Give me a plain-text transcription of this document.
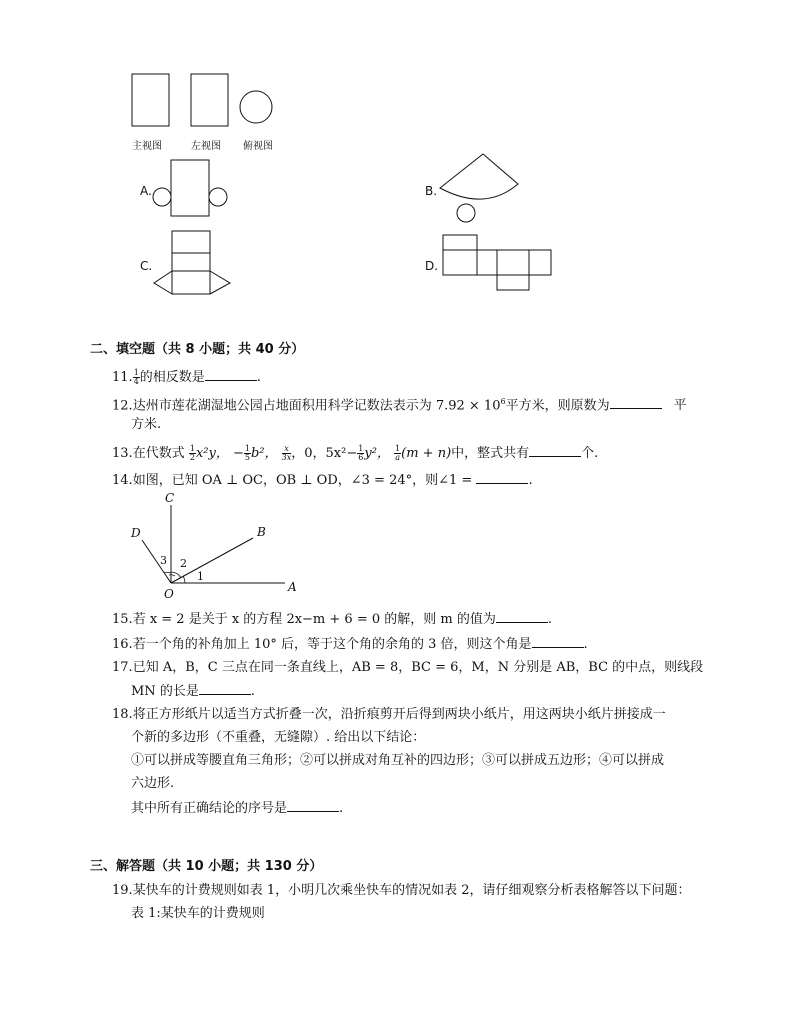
主视图	左视图 俯视图
A.	B.
C.	D.
二、填空题（共 8 小题；共 40 分）
11. $\frac{1}{4}$ 的相反数是	.
12.达州市莲花湖湿地公园占地面积用科学记数法表示为 $7.92 \times 10^6$平方米，则原数为	平
方米.
13.在代数式 $\frac{1}{2} x^2y$， − $\frac{1}{5} b^2$， $\frac{x}{3x}$ ，0，$5x^2- \frac{1}{6} y^2$， $\frac{1}{a} (m + n)$中，整式共有	个.
14.如图，已知 OA ⊥ OC，OB ⊥ OD，∠3 = 24°，则∠1 =	.
C
D	B
A
O
1
2
3
15.若 x = 2 是关于 x 的方程 2x−m + 6 = 0 的解，则 m 的值为	.
16.若一个角的补角加上 10° 后，等于这个角的余角的 3 倍，则这个角是	.
17.已知 A，B，C 三点在同一条直线上，AB = 8，BC = 6，M，N 分别是 AB，BC 的中点，则线段
MN 的长是	.
18.将正方形纸片以适当方式折叠一次，沿折痕剪开后得到两块小纸片，用这两块小纸片拼接成一
个新的多边形（不重叠，无缝隙）. 给出以下结论：
①可以拼成等腰直角三角形；②可以拼成对角互补的四边形；③可以拼成五边形；④可以拼成
六边形.
其中所有正确结论的序号是	.
三、解答题（共 10 小题；共 130 分）
19.某快车的计费规则如表 1，小明几次乘坐快车的情况如表 2，请仔细观察分析表格解答以下问题：
表 1:某快车的计费规则
